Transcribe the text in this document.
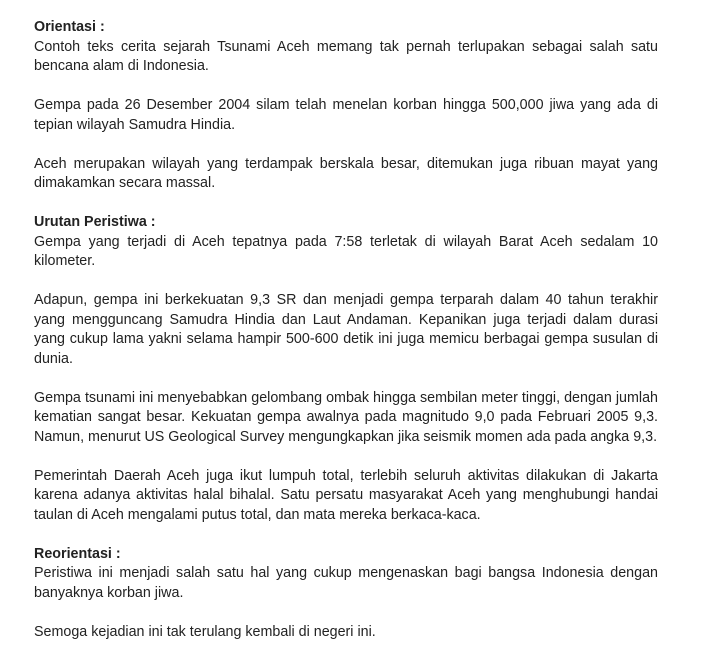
Orientasi :

Contoh teks cerita sejarah Tsunami Aceh memang tak pernah terlupakan sebagai salah satu bencana alam di Indonesia.

Gempa pada 26 Desember 2004 silam telah menelan korban hingga 500,000 jiwa yang ada di tepian wilayah Samudra Hindia.

Aceh merupakan wilayah yang terdampak berskala besar, ditemukan juga ribuan mayat yang dimakamkan secara massal.

Urutan Peristiwa :

Gempa yang terjadi di Aceh tepatnya pada 7:58 terletak di wilayah Barat Aceh sedalam 10 kilometer.

Adapun, gempa ini berkekuatan 9,3 SR dan menjadi gempa terparah dalam 40 tahun terakhir yang mengguncang Samudra Hindia dan Laut Andaman. Kepanikan juga terjadi dalam durasi yang cukup lama yakni selama hampir 500-600 detik ini juga memicu berbagai gempa susulan di dunia.

Gempa tsunami ini menyebabkan gelombang ombak hingga sembilan meter tinggi, dengan jumlah kematian sangat besar. Kekuatan gempa awalnya pada magnitudo 9,0 pada Februari 2005 9,3. Namun, menurut US Geological Survey mengungkapkan jika seismik momen ada pada angka 9,3.

Pemerintah Daerah Aceh juga ikut lumpuh total, terlebih seluruh aktivitas dilakukan di Jakarta karena adanya aktivitas halal bihalal. Satu persatu masyarakat Aceh yang menghubungi handai taulan di Aceh mengalami putus total, dan mata mereka berkaca-kaca.

Reorientasi :

Peristiwa ini menjadi salah satu hal yang cukup mengenaskan bagi bangsa Indonesia dengan banyaknya korban jiwa.

Semoga kejadian ini tak terulang kembali di negeri ini.
